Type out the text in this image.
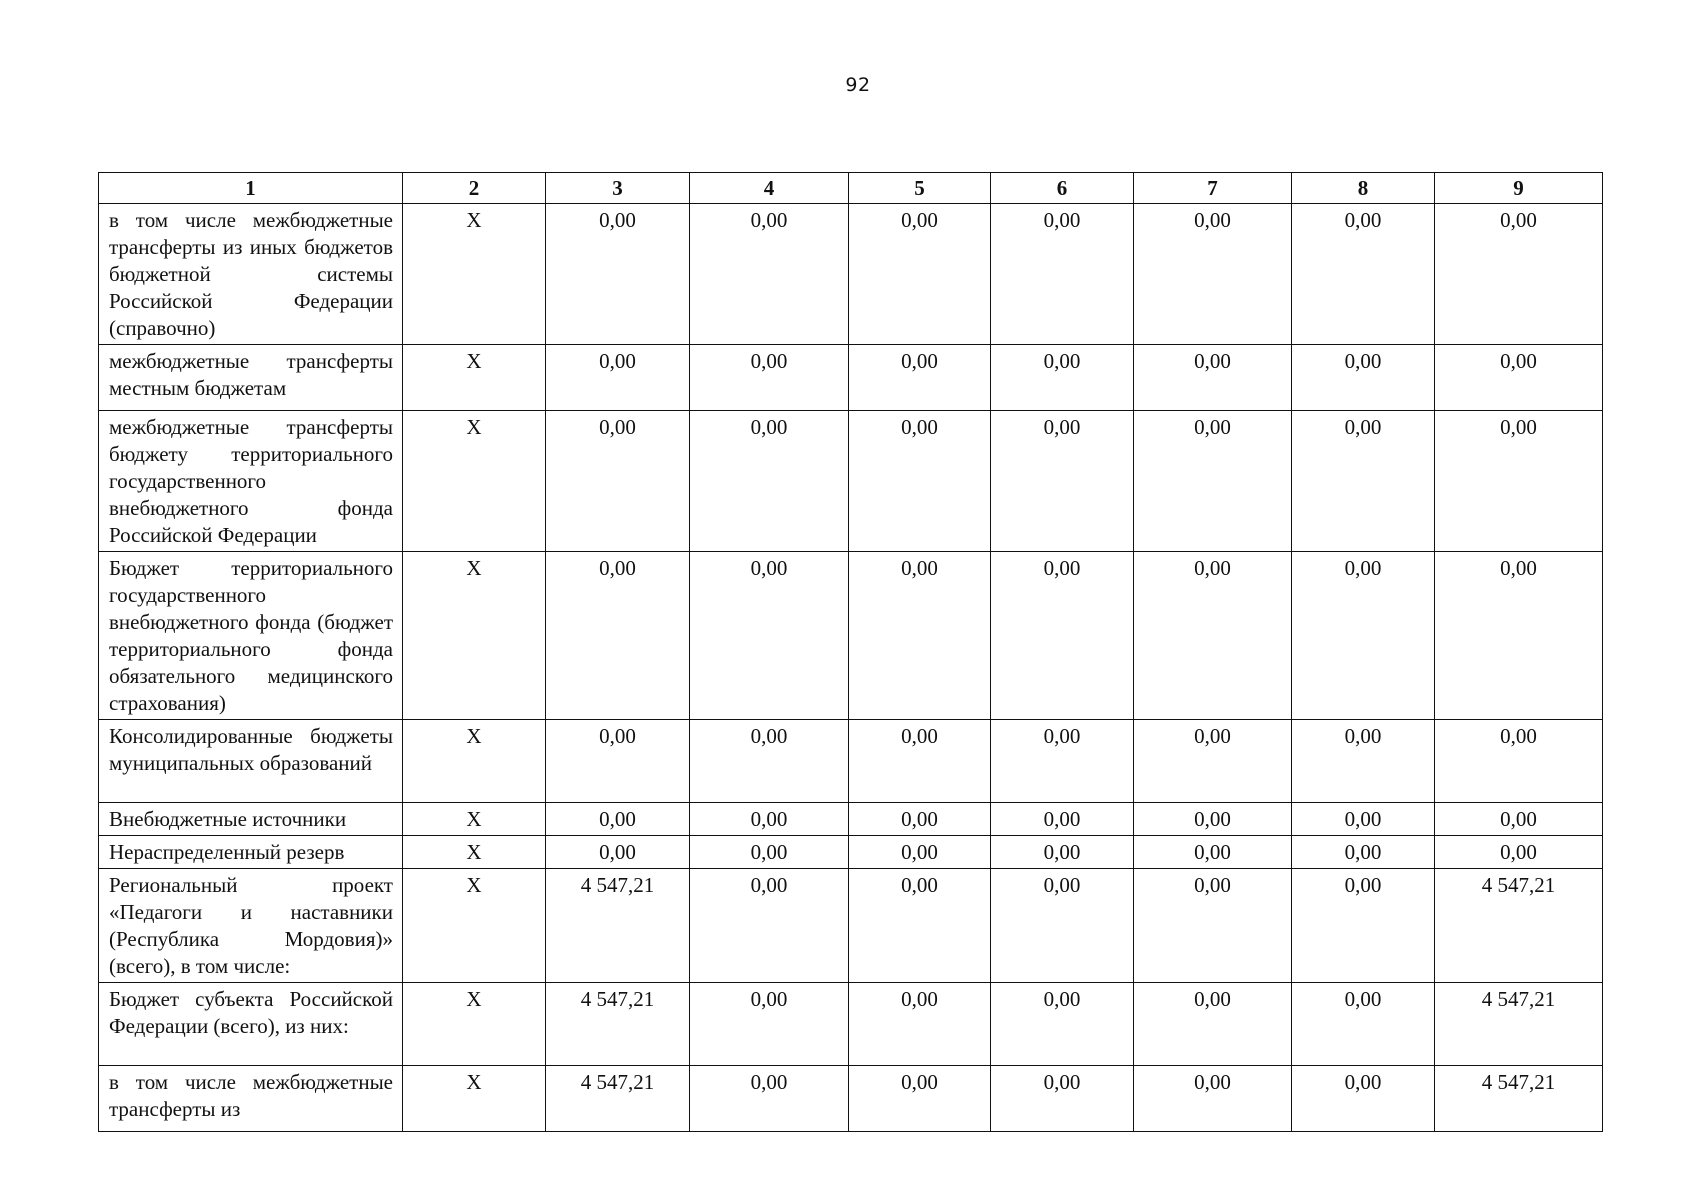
92
1	2	3	4	5	6	7	8	9
в том числе межбюджетные трансферты из иных бюджетов бюджетной системы Российской Федерации (справочно)	X	0,00	0,00	0,00	0,00	0,00	0,00	0,00
межбюджетные трансферты местным бюджетам	X	0,00	0,00	0,00	0,00	0,00	0,00	0,00
межбюджетные трансферты бюджету территориального государственного внебюджетного фонда Российской Федерации	X	0,00	0,00	0,00	0,00	0,00	0,00	0,00
Бюджет территориального государственного внебюджетного фонда (бюджет территориального фонда обязательного медицинского страхования)	X	0,00	0,00	0,00	0,00	0,00	0,00	0,00
Консолидированные бюджеты муниципальных образований	X	0,00	0,00	0,00	0,00	0,00	0,00	0,00
Внебюджетные источники	X	0,00	0,00	0,00	0,00	0,00	0,00	0,00
Нераспределенный резерв	X	0,00	0,00	0,00	0,00	0,00	0,00	0,00
Региональный проект «Педагоги и наставники (Республика Мордовия)» (всего), в том числе:	X	4 547,21	0,00	0,00	0,00	0,00	0,00	4 547,21
Бюджет субъекта Российской Федерации (всего), из них:	X	4 547,21	0,00	0,00	0,00	0,00	0,00	4 547,21
в том числе межбюджетные трансферты из	X	4 547,21	0,00	0,00	0,00	0,00	0,00	4 547,21
